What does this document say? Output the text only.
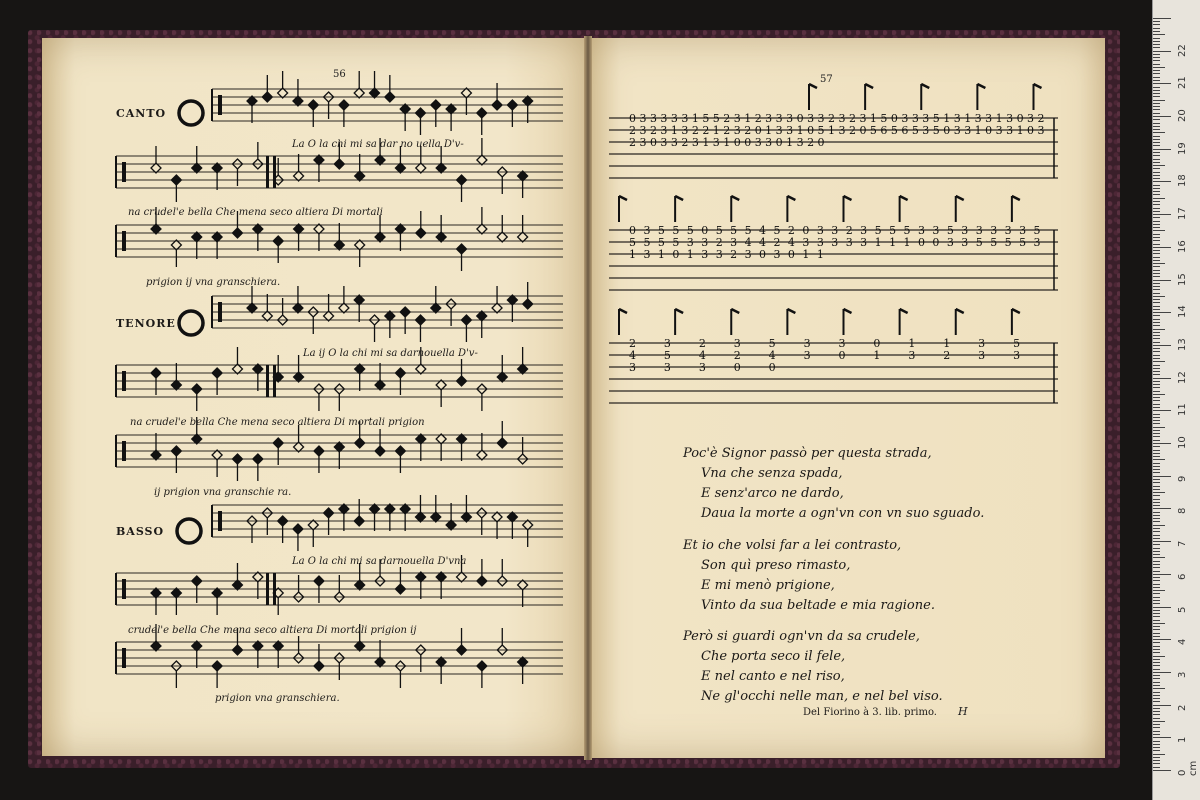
56
CANTO
TENORE
BASSO
La O la chi mi sa dar no uella D'v-
na crudel'e bella Che mena seco altiera Di mortali
prigion ij vna granschiera.
La ij O la chi mi sa darnouella D'v-
na crudel'e bella Che mena seco altiera Di mortali prigion
ij prigion vna granschie ra.
La O la chi mi sa darnouella D'vna
crudel'e bella Che mena seco altiera Di mortali prigion ij
prigion vna granschiera.
57
0 3 3 3 3 3 1 5 5 2 3 1 2 3 3 3 0 3 3 2 3 2 3 1 5 0 3 3 3 5 1 3 1 3 3 1 3 0 3 2
2 3 2 3 1 3 2 2 1 2 3 2 0 1 3 3 1 0 5 1 3 2 0 5 6 5 6 5 3 5 0 3 3 1 0 3 3 1 0 3
2 3 0 3 3 2 3 1 3 1 0 0 3 3 0 1 3 2 0
0 3 5 5 5 0 5 5 5 4 5 2 0 3 3 2 3 5 5 5 3 3 5 3 3 3 3 3 5
5 5 5 5 3 3 2 3 4 4 2 4 3 3 3 3 3 1 1 1 0 0 3 3 5 5 5 5 3
1 3 1 0 1 3 3 2 3 0 3 0 1 1
2	3	2	3	5	3	3	0	1	1	3	5
4	5	4	2	4	3	0	1	3	2	3	3
3	3	3	0	0
Poc'è Signor passò per questa strada,
Vna che senza spada,
E senz'arco ne dardo,
Daua la morte a ogn'vn con vn suo sguado.
Et io che volsi far a lei contrasto,
Son quì preso rimasto,
E mi menò prigione,
Vinto da sua beltade e mia ragione.
Però si guardi ogn'vn da sa crudele,
Che porta seco il fele,
E nel canto e nel riso,
Ne gl'occhi nelle man, e nel bel viso.
Del Fiorino à 3. lib. primo. H
0 cm
1
2
3
4
5
6
7
8
9
10
11
12
13
14
15
16
17
18
19
20
21
22
